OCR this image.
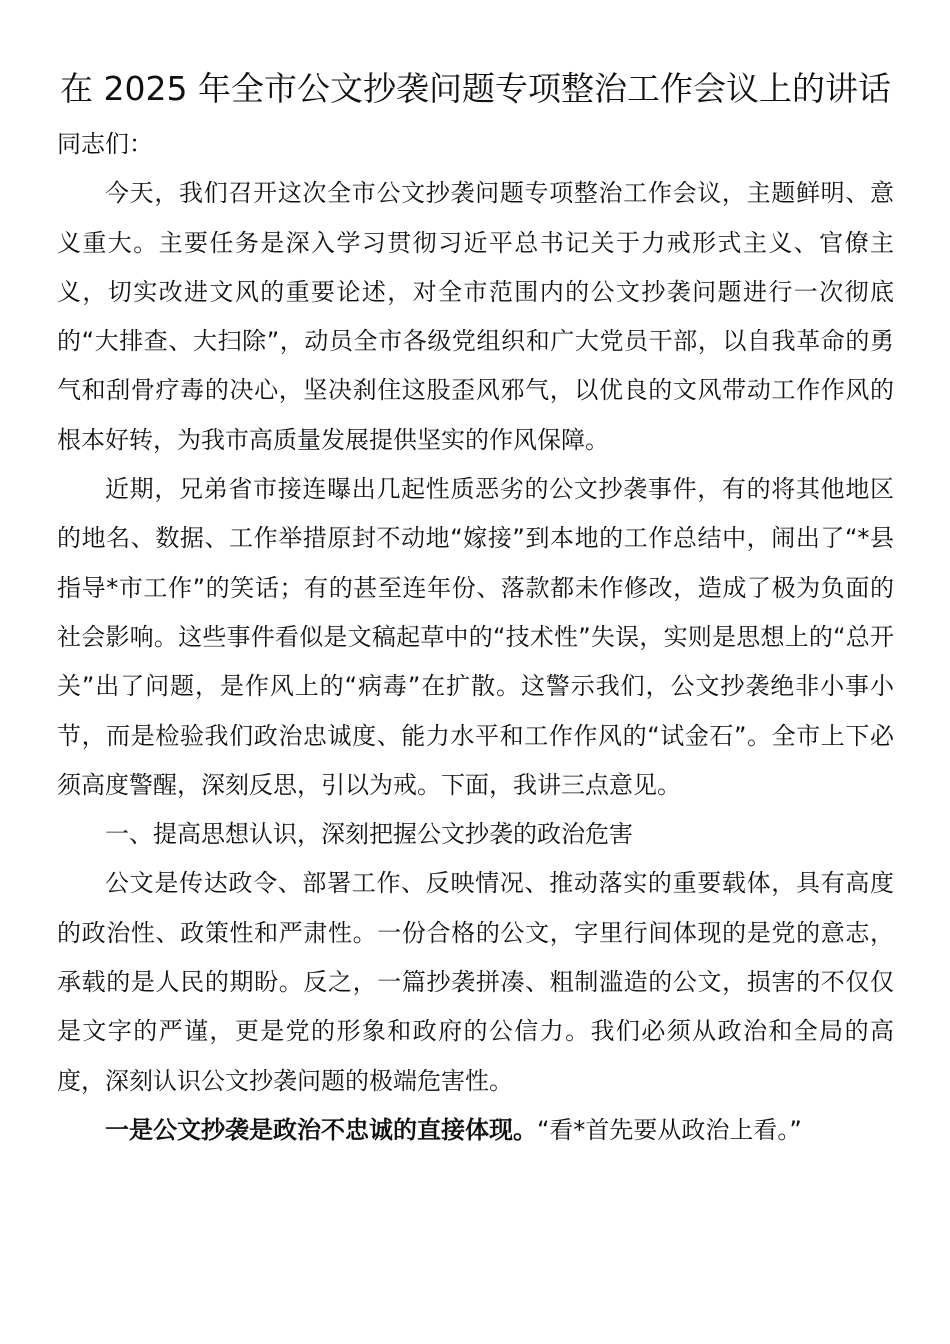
在 2025 年全市公文抄袭问题专项整治工作会议上的讲话

同志们：

今天，我们召开这次全市公文抄袭问题专项整治工作会议，主题鲜明、意义重大。主要任务是深入学习贯彻习近平总书记关于力戒形式主义、官僚主义，切实改进文风的重要论述，对全市范围内的公文抄袭问题进行一次彻底的“大排查、大扫除”，动员全市各级党组织和广大党员干部，以自我革命的勇气和刮骨疗毒的决心，坚决刹住这股歪风邪气，以优良的文风带动工作作风的根本好转，为我市高质量发展提供坚实的作风保障。

近期，兄弟省市接连曝出几起性质恶劣的公文抄袭事件，有的将其他地区的地名、数据、工作举措原封不动地“嫁接”到本地的工作总结中，闹出了“*县指导*市工作”的笑话；有的甚至连年份、落款都未作修改，造成了极为负面的社会影响。这些事件看似是文稿起草中的“技术性”失误，实则是思想上的“总开关”出了问题，是作风上的“病毒”在扩散。这警示我们，公文抄袭绝非小事小节，而是检验我们政治忠诚度、能力水平和工作作风的“试金石”。全市上下必须高度警醒，深刻反思，引以为戒。下面，我讲三点意见。

一、提高思想认识，深刻把握公文抄袭的政治危害

公文是传达政令、部署工作、反映情况、推动落实的重要载体，具有高度的政治性、政策性和严肃性。一份合格的公文，字里行间体现的是党的意志，承载的是人民的期盼。反之，一篇抄袭拼凑、粗制滥造的公文，损害的不仅仅是文字的严谨，更是党的形象和政府的公信力。我们必须从政治和全局的高度，深刻认识公文抄袭问题的极端危害性。

一是公文抄袭是政治不忠诚的直接体现。“看*首先要从政治上看。”
